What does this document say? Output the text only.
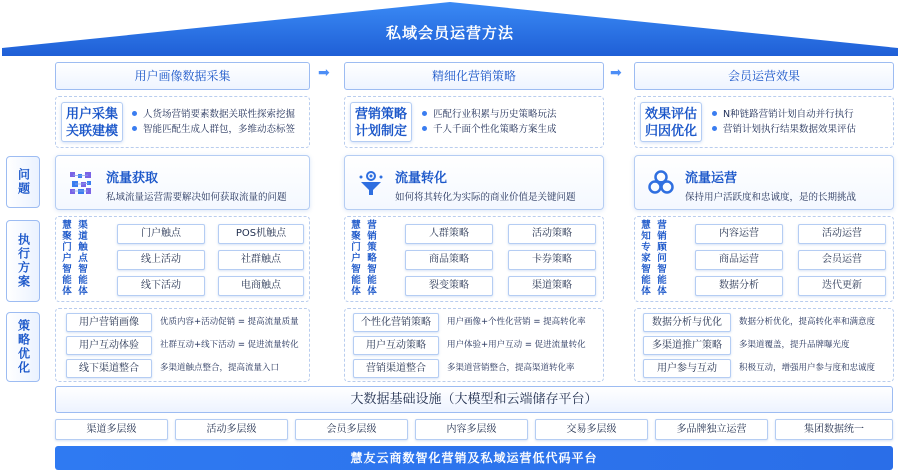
私域会员运营方法
用户画像数据采集	➡	精细化营销策略	➡	会员运营效果
用户采集
关联建模
人货场营销要素数据关联性探索挖掘
智能匹配生成人群包，多维动态标签
营销策略
计划制定
匹配行业积累与历史策略玩法
千人千面个性化策略方案生成
效果评估
归因优化
N种链路营销计划自动并行执行
营销计划执行结果数据效果评估
问题
执行方案
策略优化
流量获取
私域流量运营需要解决如何获取流量的问题
流量转化
如何将其转化为实际的商业价值是关键问题
流量运营
保持用户活跃度和忠诚度，是的长期挑战
慧聚门户智能体
渠道触点智能体
慧聚门户智能体
营销策略智能体
慧知专家智能体
营销顾问智能体
门户触点	POS机触点
线上活动	社群触点
线下活动	电商触点
人群策略	活动策略
商品策略	卡券策略
裂变策略	渠道策略
内容运营	活动运营
商品运营	会员运营
数据分析	迭代更新
用户营销画像	优质内容+活动促销 = 提高流量质量
用户互动体验	社群互动+线下活动 = 促进流量转化
线下渠道整合	多渠道触点整合，提高流量入口
个性化营销策略	用户画像+个性化营销 = 提高转化率
用户互动策略	用户体验+用户互动 = 促进流量转化
营销渠道整合	多渠道营销整合，提高渠道转化率
数据分析与优化	数据分析优化，提高转化率和满意度
多渠道推广策略	多渠道覆盖，提升品牌曝光度
用户参与互动	积极互动，增强用户参与度和忠诚度
大数据基础设施（大模型和云端储存平台）
渠道多层级	活动多层级	会员多层级	内容多层级	交易多层级	多品牌独立运营	集团数据统一
慧友云商数智化营销及私域运营低代码平台
